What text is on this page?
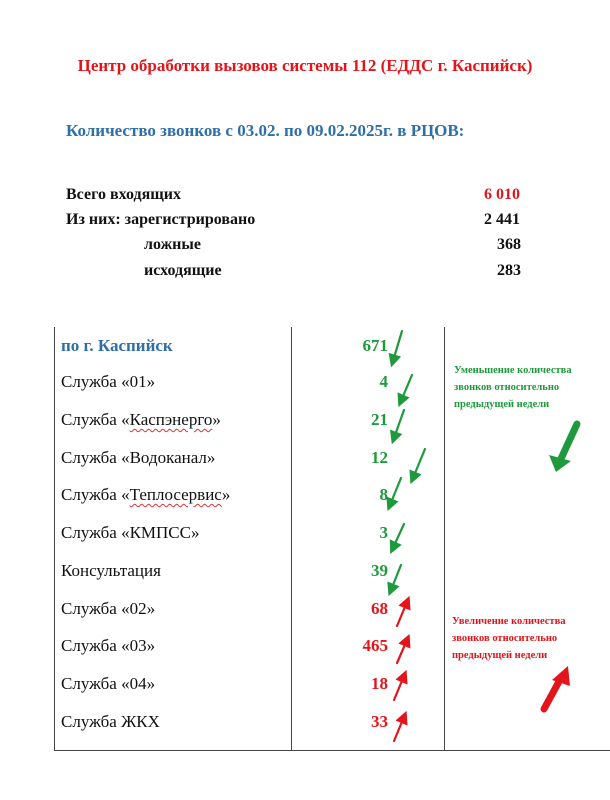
Центр обработки вызовов системы 112 (ЕДДС г. Каспийск)
Количество звонков с 03.02. по 09.02.2025г. в РЦОВ:
Всего входящих	6 010
Из них: зарегистрировано	2 441
ложные	368
исходящие	283
по г. Каспийск	671
Служба «01»	4
Служба «Каспэнерго»	21
Служба «Водоканал»	12
Служба «Теплосервис»	8
Служба «КМПСС»	3
Консультация	39
Служба «02»	68
Служба «03»	465
Служба «04»	18
Служба ЖКХ	33
Уменьшение количества звонков относительно предыдущей недели
Увеличение количества звонков относительно предыдущей недели
